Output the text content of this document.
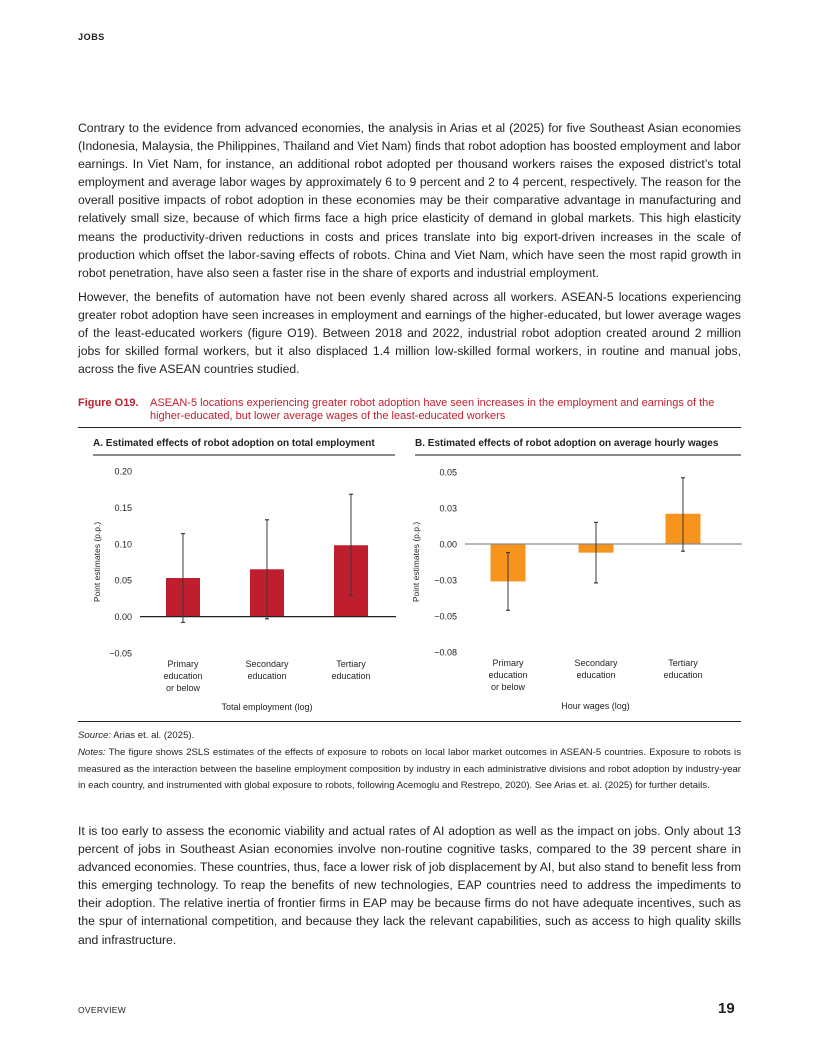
JOBS

Contrary to the evidence from advanced economies, the analysis in Arias et al (2025) for five Southeast Asian economies (Indonesia, Malaysia, the Philippines, Thailand and Viet Nam) finds that robot adoption has boosted employment and labor earnings. In Viet Nam, for instance, an additional robot adopted per thousand workers raises the exposed district’s total employment and average labor wages by approximately 6 to 9 percent and 2 to 4 percent, respectively. The reason for the overall positive impacts of robot adoption in these economies may be their comparative advantage in manufacturing and relatively small size, because of which firms face a high price elasticity of demand in global markets. This high elasticity means the productivity-driven reductions in costs and prices translate into big export-driven increases in the scale of production which offset the labor-saving effects of robots. China and Viet Nam, which have seen the most rapid growth in robot penetration, have also seen a faster rise in the share of exports and industrial employment.

However, the benefits of automation have not been evenly shared across all workers. ASEAN-5 locations experiencing greater robot adoption have seen increases in employment and earnings of the higher-educated, but lower average wages of the least-educated workers (figure O19). Between 2018 and 2022, industrial robot adoption created around 2 million jobs for skilled formal workers, but it also displaced 1.4 million low-skilled formal workers, in routine and manual jobs, across the five ASEAN countries studied.

Figure O19. ASEAN-5 locations experiencing greater robot adoption have seen increases in the employment and earnings of the higher-educated, but lower average wages of the least-educated workers
A. Estimated effects of robot adoption on total employment	B. Estimated effects of robot adoption on average hourly wages
0.20
0.15
0.10
0.05
0.00
−0.05
Point estimates (p.p.)
Primary
education
or below
Secondary
education
Tertiary
education
Total employment (log)
0.05
0.03
0.00
−0.03
−0.05
−0.08
Point estimates (p.p.)
Primary
education
or below
Secondary
education
Tertiary
education
Hour wages (log)
Source: Arias et. al. (2025).
Notes: The figure shows 2SLS estimates of the effects of exposure to robots on local labor market outcomes in ASEAN-5 countries. Exposure to robots is measured as the interaction between the baseline employment composition by industry in each administrative divisions and robot adoption by industry-year in each country, and instrumented with global exposure to robots, following Acemoglu and Restrepo, 2020). See Arias et. al. (2025) for further details.

It is too early to assess the economic viability and actual rates of AI adoption as well as the impact on jobs. Only about 13 percent of jobs in Southeast Asian economies involve non-routine cognitive tasks, compared to the 39 percent share in advanced economies. These countries, thus, face a lower risk of job displacement by AI, but also stand to benefit less from this emerging technology. To reap the benefits of new technologies, EAP countries need to address the impediments to their adoption. The relative inertia of frontier firms in EAP may be because firms do not have adequate incentives, such as the spur of international competition, and because they lack the relevant capabilities, such as access to high quality skills and infrastructure.

OVERVIEW	19
